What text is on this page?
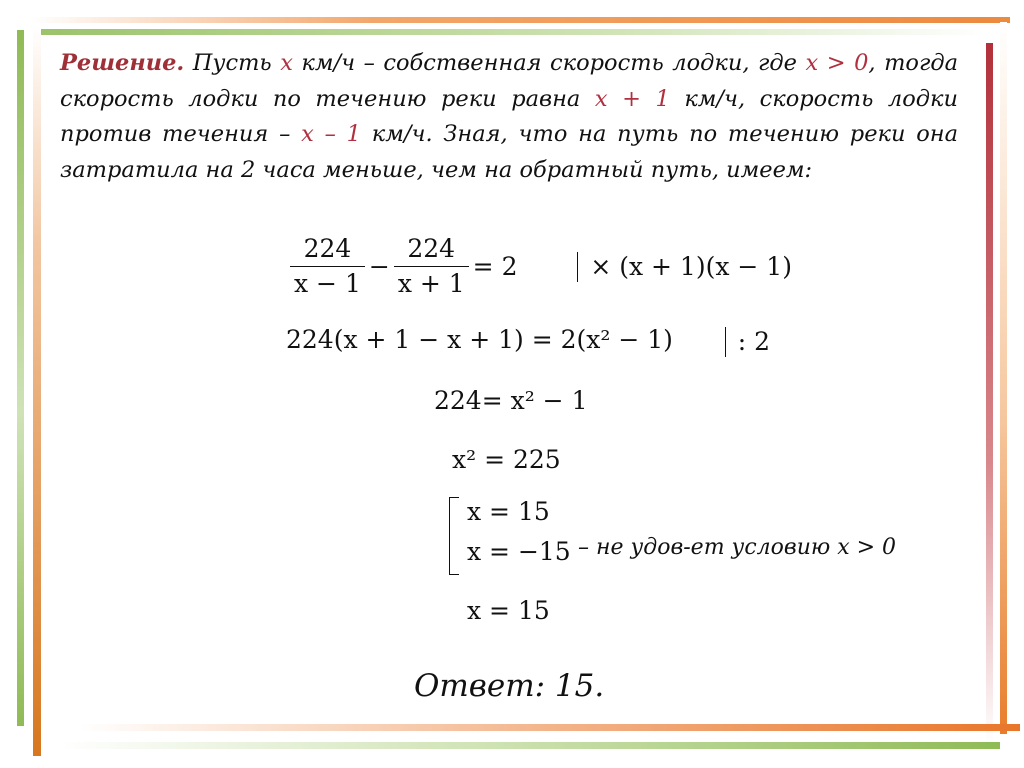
Решение. Пусть x км/ч – собственная скорость лодки, где x > 0, тогда скорость лодки по течению реки равна x + 1 км/ч, скорость лодки против течения – x – 1 км/ч. Зная, что на путь по течению реки она затратила на 2 часа меньше, чем на обратный путь, имеем:
$\frac{224}{x - 1} - \frac{224}{x + 1} = 2$	× (x + 1)(x − 1)
224(x + 1 − x + 1) = 2(x² − 1)	: 2
224= x² − 1
x² = 225
x = 15
x = −15 – не удов-ет условию x > 0
x = 15
Ответ: 15.
